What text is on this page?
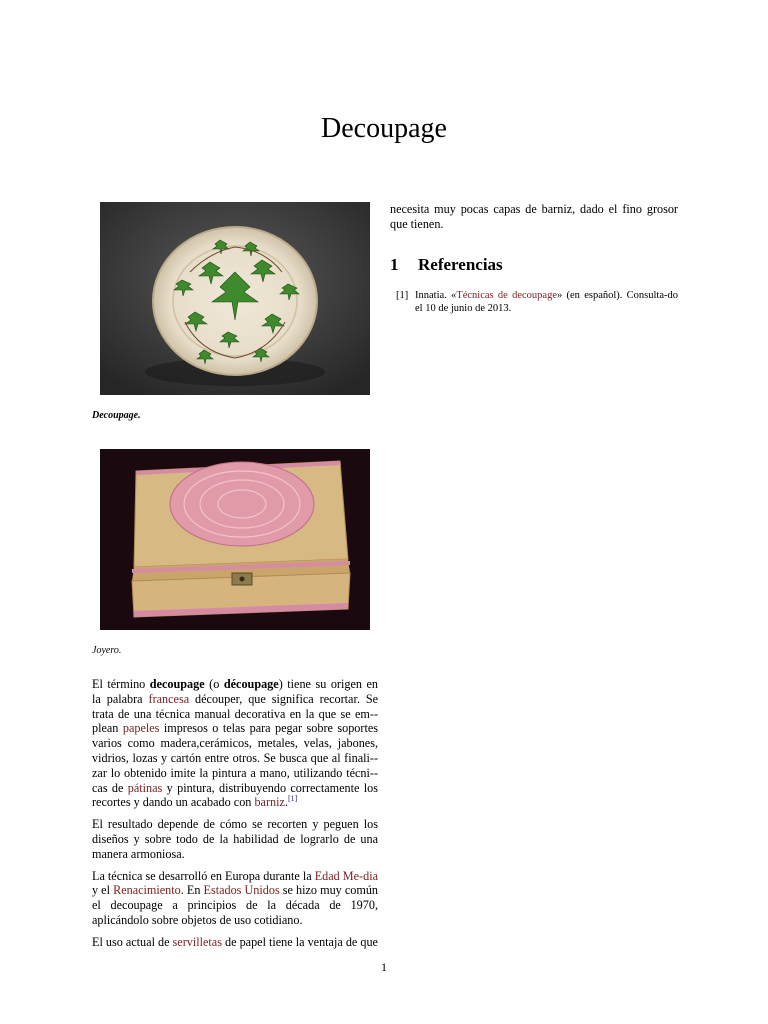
Decoupage

Decoupage.

Joyero.

El término decoupage (o découpage) tiene su origen en la palabra francesa découper, que significa recortar. Se trata de una técnica manual decorativa en la que se em-plean papeles impresos o telas para pegar sobre soportes varios como madera,cerámicos, metales, velas, jabones, vidrios, lozas y cartón entre otros. Se busca que al finali-zar lo obtenido imite la pintura a mano, utilizando técni-cas de pátinas y pintura, distribuyendo correctamente los recortes y dando un acabado con barniz.[1]

El resultado depende de cómo se recorten y peguen los diseños y sobre todo de la habilidad de lograrlo de una manera armoniosa.

La técnica se desarrolló en Europa durante la Edad Me-dia y el Renacimiento. En Estados Unidos se hizo muy común el decoupage a principios de la década de 1970, aplicándolo sobre objetos de uso cotidiano.

El uso actual de servilletas de papel tiene la ventaja de que

necesita muy pocas capas de barniz, dado el fino grosor que tienen.

1 Referencias
[1] Innatia. «Técnicas de decoupage» (en español). Consulta-do el 10 de junio de 2013.
1
